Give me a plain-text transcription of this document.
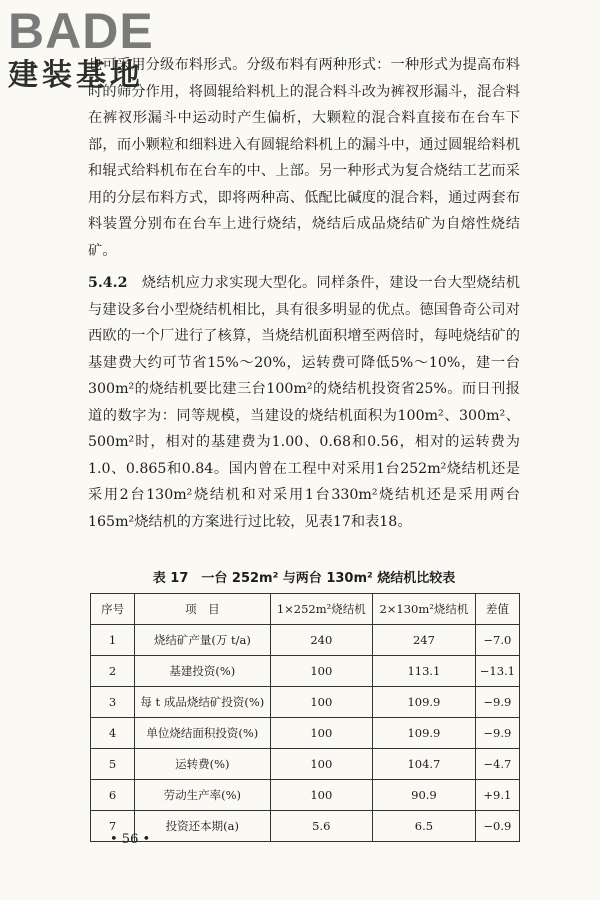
BADE
建装基地

也可采用分级布料形式。分级布料有两种形式：一种形式为提高布料时的筛分作用，将圆辊给料机上的混合料斗改为裤衩形漏斗，混合料在裤衩形漏斗中运动时产生偏析，大颗粒的混合料直接布在台车下部，而小颗粒和细料进入有圆辊给料机上的漏斗中，通过圆辊给料机和辊式给料机布在台车的中、上部。另一种形式为复合烧结工艺而采用的分层布料方式，即将两种高、低配比碱度的混合料，通过两套布料装置分别布在台车上进行烧结，烧结后成品烧结矿为自熔性烧结矿。

5.4.2 烧结机应力求实现大型化。同样条件，建设一台大型烧结机与建设多台小型烧结机相比，具有很多明显的优点。德国鲁奇公司对西欧的一个厂进行了核算，当烧结机面积增至两倍时，每吨烧结矿的基建费大约可节省15%～20%，运转费可降低5%～10%，建一台300m²的烧结机要比建三台100m²的烧结机投资省25%。而日刊报道的数字为：同等规模，当建设的烧结机面积为100m²、300m²、500m²时，相对的基建费为1.00、0.68和0.56，相对的运转费为1.0、0.865和0.84。国内曾在工程中对采用1台252m²烧结机还是采用2台130m²烧结机和对采用1台330m²烧结机还是采用两台165m²烧结机的方案进行过比较，见表17和表18。

表 17　一台 252m² 与两台 130m² 烧结机比较表
序号	项　目	1×252m²烧结机	2×130m²烧结机	差值
1	烧结矿产量(万 t/a)	240	247	−7.0
2	基建投资(%)	100	113.1	−13.1
3	每 t 成品烧结矿投资(%)	100	109.9	−9.9
4	单位烧结面积投资(%)	100	109.9	−9.9
5	运转费(%)	100	104.7	−4.7
6	劳动生产率(%)	100	90.9	+9.1
7	投资还本期(a)	5.6	6.5	−0.9
• 56 •
